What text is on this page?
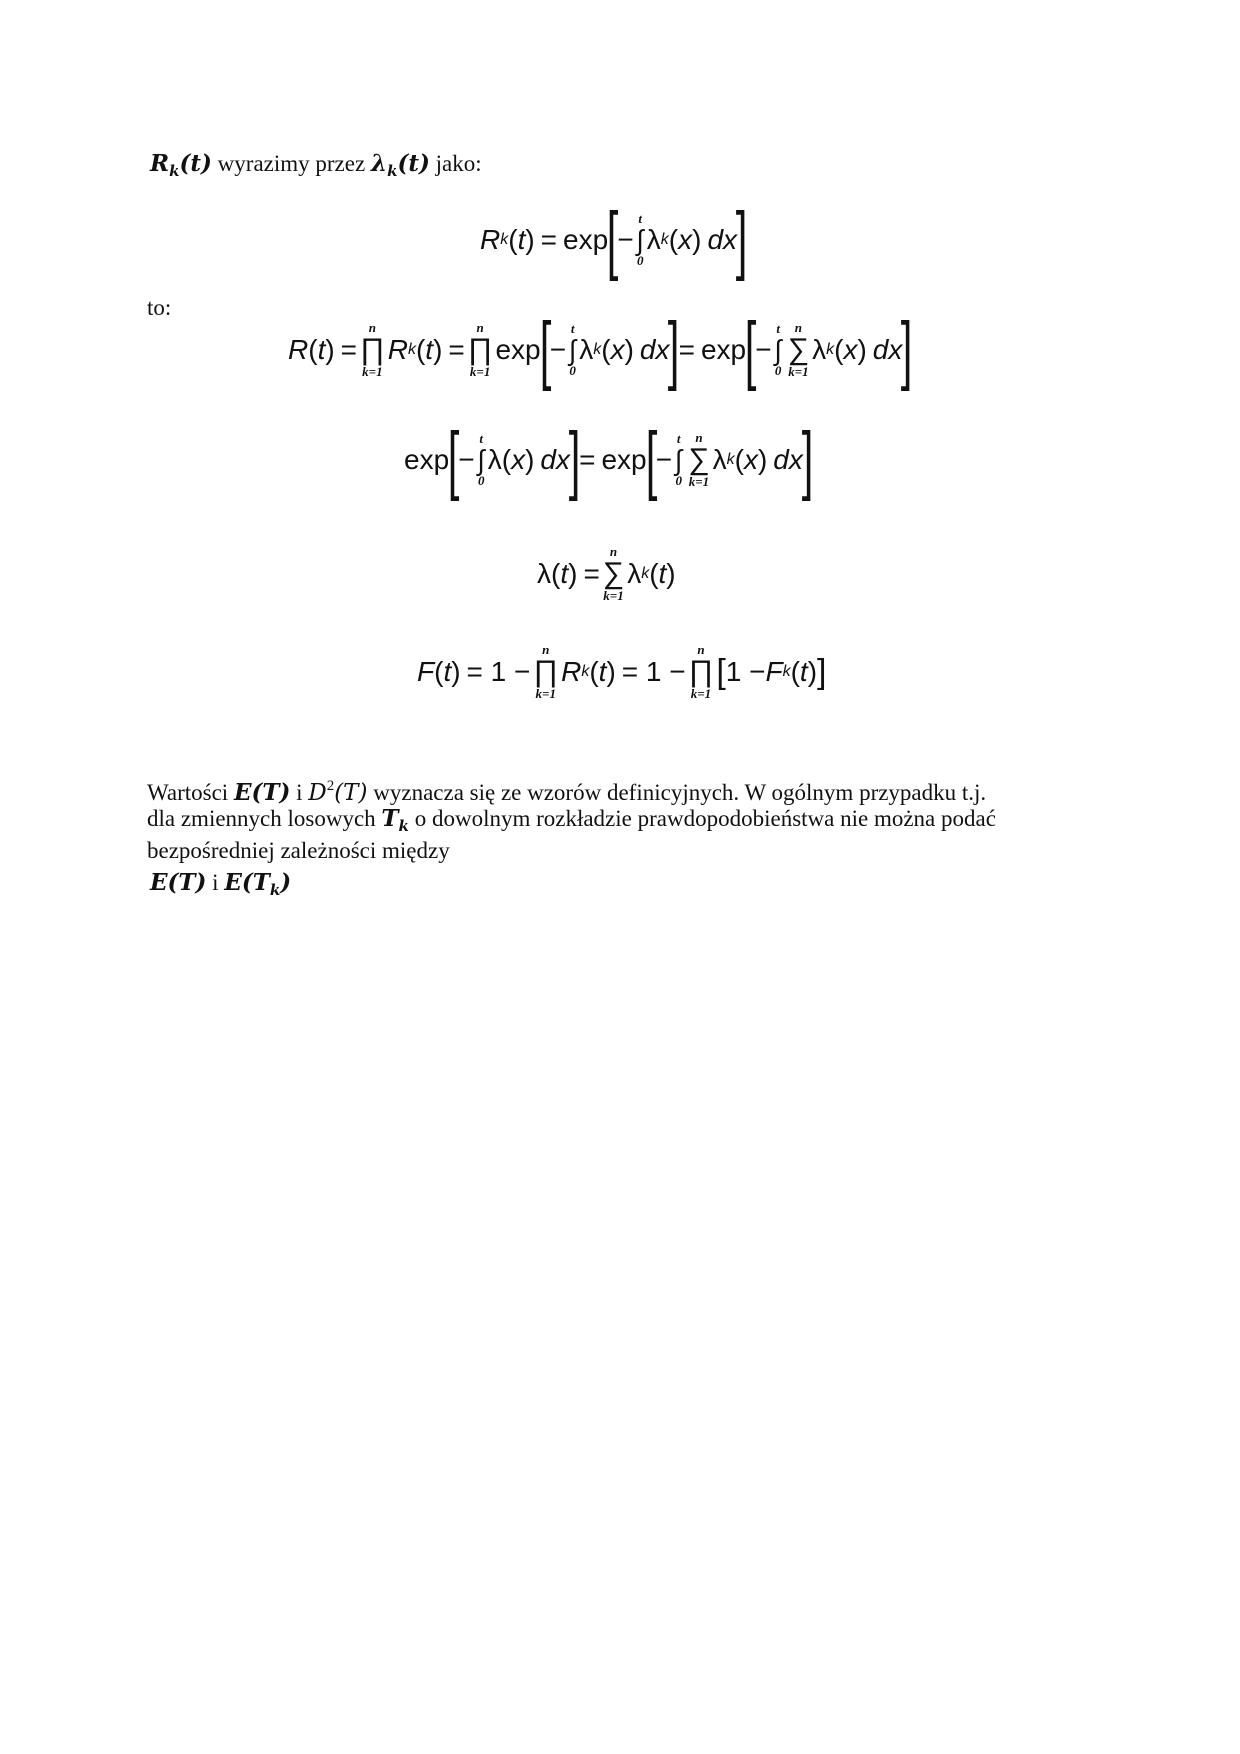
$R_k(t)$ wyrazimy przez $\lambda_k(t)$ jako:
R k (t) = exp
[
−
t
∫
0
λ k (x) dx
]
to:
R (t) =
n
∏
k=1
R k (t) =
n
∏
k=1
exp
[
−
t
∫
0
λ k (x) dx
]
= exp
[
−
t
∫
0
n
∑
k=1
λ k (x) dx
]
exp
[
−
t
∫
0
λ (x) dx
]
= exp
[
−
t
∫
0
n
∑
k=1
λ k (x) dx
]
λ (t) =
n
∑
k=1
λ k (t)
F (t) = 1 −
n
∏
k=1
R k (t) = 1 −
n
∏
k=1
[ 1 − F k (t) ]
Wartości E(T) i $D^2(T)$ wyznacza się ze wzorów definicyjnych. W ogólnym przypadku t.j.
dla zmiennych losowych $T_k$ o dowolnym rozkładzie prawdopodobieństwa nie można podać
bezpośredniej zależności między
E(T) i $E(T_k)$
